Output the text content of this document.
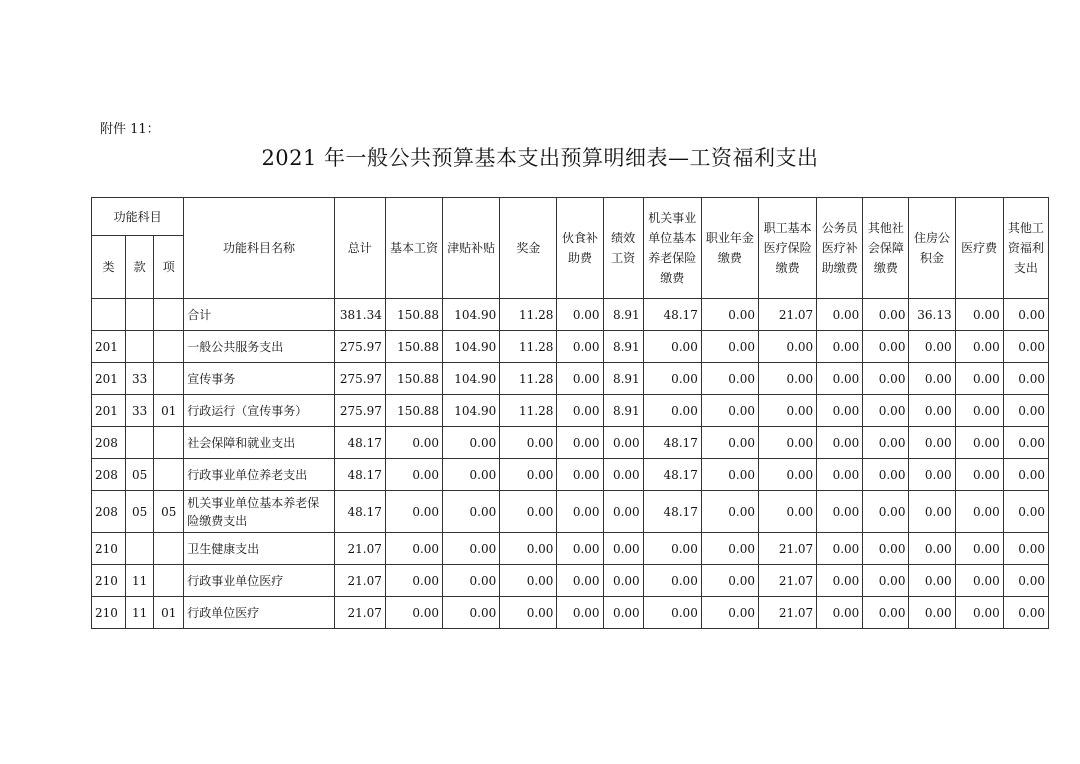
附件 11：
2021 年一般公共预算基本支出预算明细表—工资福利支出
功能科目			功能科目名称	总计	基本工资	津贴补贴	奖金	伙食补助费	绩效工资	机关事业单位基本养老保险缴费	职业年金缴费	职工基本医疗保险缴费	公务员医疗补助缴费	其他社会保障缴费	住房公积金	医疗费	其他工资福利支出
类	款	项															
			合计	381.34	150.88	104.90	11.28	0.00	8.91	48.17	0.00	21.07	0.00	0.00	36.13	0.00	0.00
201			一般公共服务支出	275.97	150.88	104.90	11.28	0.00	8.91	0.00	0.00	0.00	0.00	0.00	0.00	0.00	0.00
201	33		宣传事务	275.97	150.88	104.90	11.28	0.00	8.91	0.00	0.00	0.00	0.00	0.00	0.00	0.00	0.00
201	33	01	行政运行（宣传事务）	275.97	150.88	104.90	11.28	0.00	8.91	0.00	0.00	0.00	0.00	0.00	0.00	0.00	0.00
208			社会保障和就业支出	48.17	0.00	0.00	0.00	0.00	0.00	48.17	0.00	0.00	0.00	0.00	0.00	0.00	0.00
208	05		行政事业单位养老支出	48.17	0.00	0.00	0.00	0.00	0.00	48.17	0.00	0.00	0.00	0.00	0.00	0.00	0.00
208	05	05	机关事业单位基本养老保险缴费支出	48.17	0.00	0.00	0.00	0.00	0.00	48.17	0.00	0.00	0.00	0.00	0.00	0.00	0.00
210			卫生健康支出	21.07	0.00	0.00	0.00	0.00	0.00	0.00	0.00	21.07	0.00	0.00	0.00	0.00	0.00
210	11		行政事业单位医疗	21.07	0.00	0.00	0.00	0.00	0.00	0.00	0.00	21.07	0.00	0.00	0.00	0.00	0.00
210	11	01	行政单位医疗	21.07	0.00	0.00	0.00	0.00	0.00	0.00	0.00	21.07	0.00	0.00	0.00	0.00	0.00
